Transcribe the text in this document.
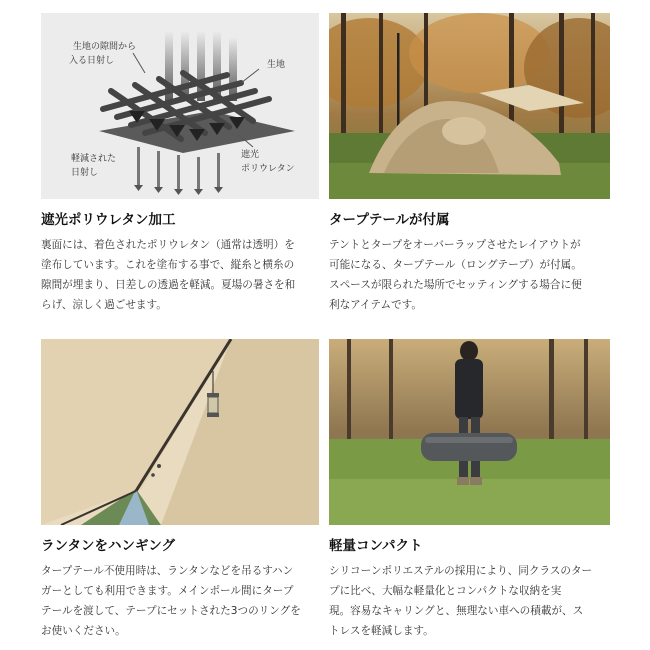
生地の隙間から
入る日射し	生地
軽減された
日射し
遮光
ポリウレタン
遮光ポリウレタン加工
裏面には、着色されたポリウレタン（通常は透明）を
塗布しています。これを塗布する事で、縦糸と横糸の
隙間が埋まり、日差しの透過を軽減。夏場の暑さを和
らげ、涼しく過ごせます。
タープテールが付属
テントとタープをオーバーラップさせたレイアウトが
可能になる、タープテール（ロングテープ）が付属。
スペースが限られた場所でセッティングする場合に便
利なアイテムです。
ランタンをハンギング
タープテール不使用時は、ランタンなどを吊るすハン
ガーとしても利用できます。メインポール間にタープ
テールを渡して、テープにセットされた3つのリングを
お使いください。
軽量コンパクト
シリコーンポリエステルの採用により、同クラスのター
プに比べ、大幅な軽量化とコンパクトな収納を実
現。容易なキャリングと、無理ない車への積載が、ス
トレスを軽減します。
